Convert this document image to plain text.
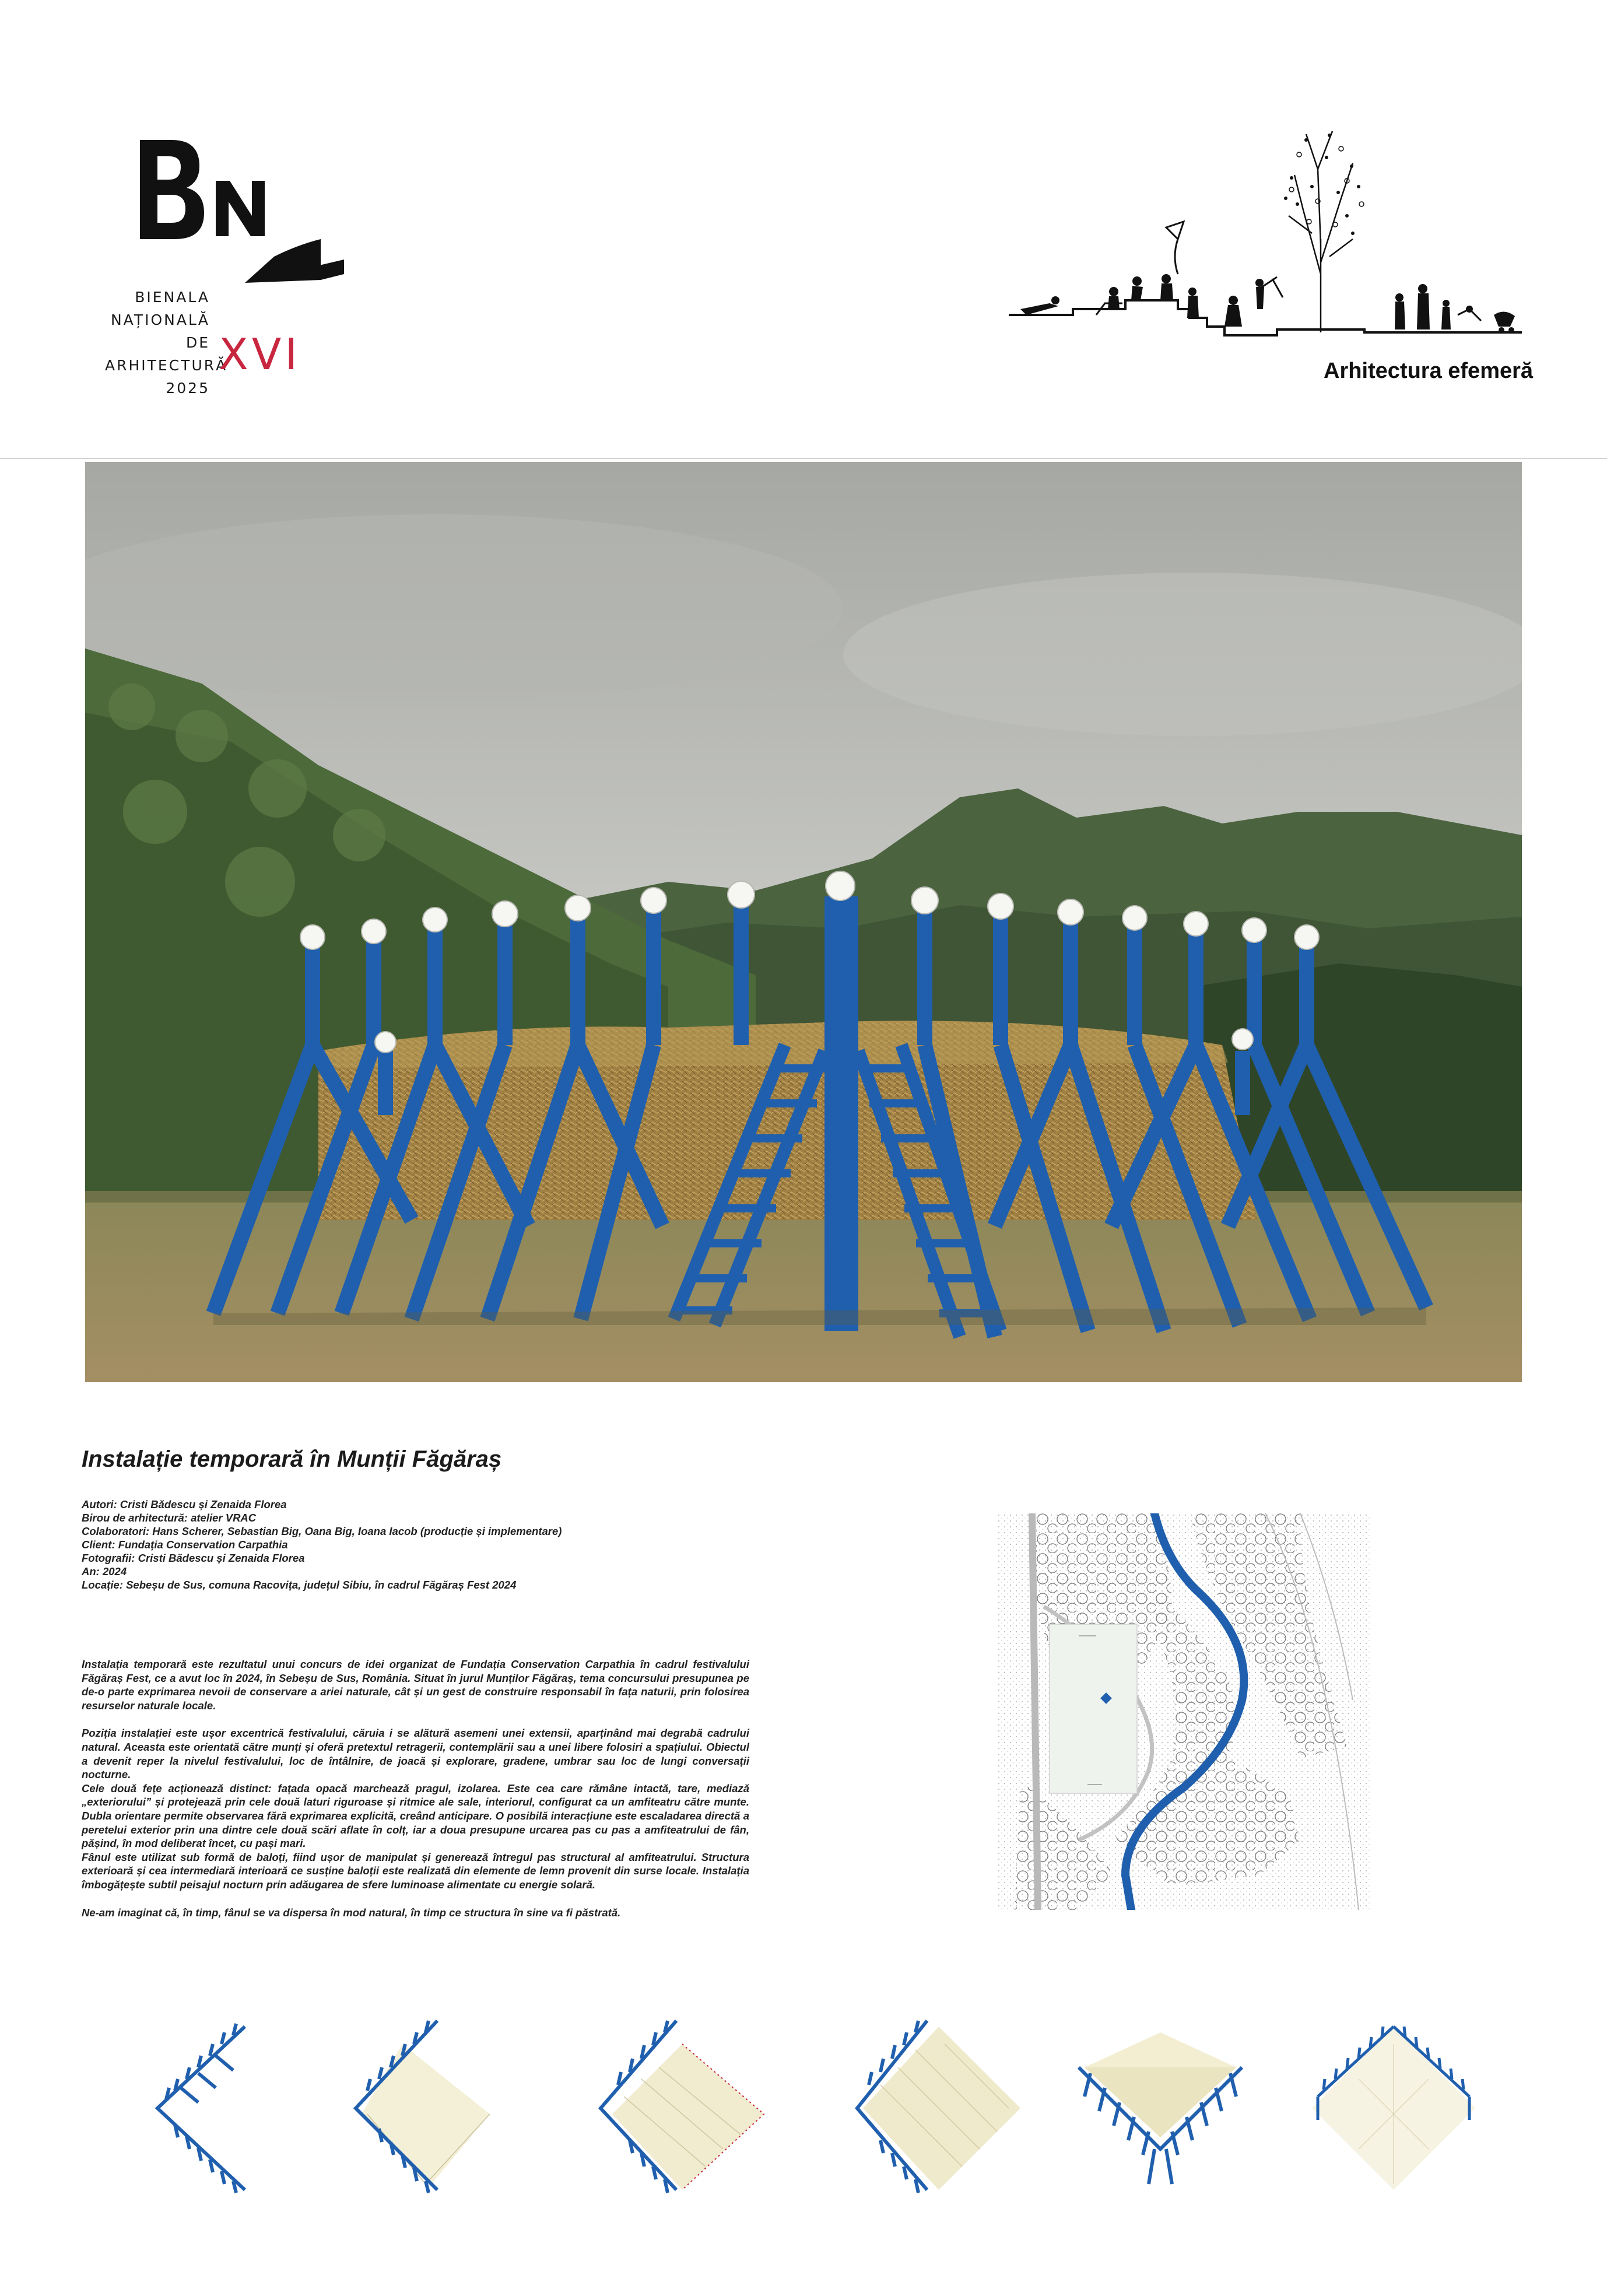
BIENALA
NAȚIONALĂ
DE
ARHITECTURĂ
2025
XVI	Arhitectura efemeră
Instalație temporară în Munții Făgăraș
Autori: Cristi Bădescu și Zenaida Florea
Birou de arhitectură: atelier VRAC
Colaboratori: Hans Scherer, Sebastian Big, Oana Big, Ioana Iacob (producție și implementare)
Client: Fundația Conservation Carpathia
Fotografii: Cristi Bădescu și Zenaida Florea
An: 2024
Locație: Sebeșu de Sus, comuna Racovița, județul Sibiu, în cadrul Făgăraș Fest 2024

Instalația temporară este rezultatul unui concurs de idei organizat de Fundația Conservation Carpathia în cadrul festivalului Făgăraș Fest, ce a avut loc în 2024, în Sebeșu de Sus, România. Situat în jurul Munților Făgăraș, tema concursului presupunea pe de-o parte exprimarea nevoii de conservare a ariei naturale, cât și un gest de construire responsabil în fața naturii, prin folosirea resurselor naturale locale.

Poziția instalației este ușor excentrică festivalului, căruia i se alătură asemeni unei extensii, aparținând mai degrabă cadrului natural. Aceasta este orientată către munți și oferă pretextul retragerii, contemplării sau a unei libere folosiri a spațiului. Obiectul a devenit reper la nivelul festivalului, loc de întâlnire, de joacă și explorare, gradene, umbrar sau loc de lungi conversații nocturne.

Cele două fețe acționează distinct: fațada opacă marchează pragul, izolarea. Este cea care rămâne intactă, tare, mediază „exteriorului” și protejează prin cele două laturi riguroase și ritmice ale sale, interiorul, configurat ca un amfiteatru către munte. Dubla orientare permite observarea fără exprimarea explicită, creând anticipare. O posibilă interacțiune este escaladarea directă a peretelui exterior prin una dintre cele două scări aflate în colț, iar a doua presupune urcarea pas cu pas a amfiteatrului de fân, pășind, în mod deliberat încet, cu pași mari.

Fânul este utilizat sub formă de baloți, fiind ușor de manipulat și generează întregul pas structural al amfiteatrului. Structura exterioară și cea intermediară interioară ce susține baloții este realizată din elemente de lemn provenit din surse locale. Instalația îmbogățește subtil peisajul nocturn prin adăugarea de sfere luminoase alimentate cu energie solară.

Ne-am imaginat că, în timp, fânul se va dispersa în mod natural, în timp ce structura în sine va fi păstrată.
